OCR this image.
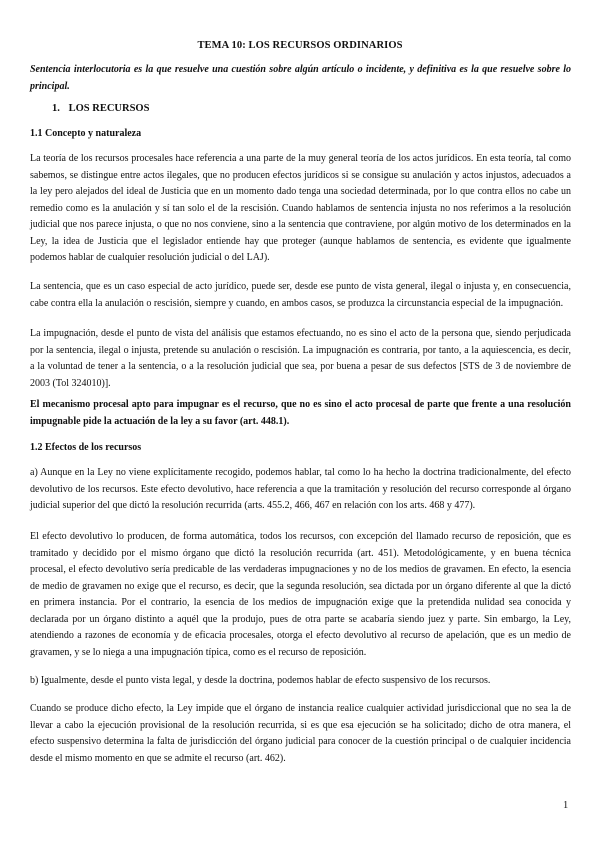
TEMA 10: LOS RECURSOS ORDINARIOS
Sentencia interlocutoria es la que resuelve una cuestión sobre algún artículo o incidente, y definitiva es la que resuelve sobre lo principal.
1. LOS RECURSOS
1.1 Concepto y naturaleza

La teoría de los recursos procesales hace referencia a una parte de la muy general teoría de los actos jurídicos. En esta teoría, tal como sabemos, se distingue entre actos ilegales, que no producen efectos jurídicos si se consigue su anulación y actos injustos, adecuados a la ley pero alejados del ideal de Justicia que en un momento dado tenga una sociedad determinada, por lo que contra ellos no cabe un remedio como es la anulación y sí tan solo el de la rescisión. Cuando hablamos de sentencia injusta no nos referimos a la resolución judicial que nos parece injusta, o que no nos conviene, sino a la sentencia que contraviene, por algún motivo de los determinados en la Ley, la idea de Justicia que el legislador entiende hay que proteger (aunque hablamos de sentencia, es evidente que igualmente podemos hablar de cualquier resolución judicial o del LAJ).

La sentencia, que es un caso especial de acto jurídico, puede ser, desde ese punto de vista general, ilegal o injusta y, en consecuencia, cabe contra ella la anulación o rescisión, siempre y cuando, en ambos casos, se produzca la circunstancia especial de la impugnación.

La impugnación, desde el punto de vista del análisis que estamos efectuando, no es sino el acto de la persona que, siendo perjudicada por la sentencia, ilegal o injusta, pretende su anulación o rescisión. La impugnación es contraria, por tanto, a la aquiescencia, es decir, a la voluntad de tener a la sentencia, o a la resolución judicial que sea, por buena a pesar de sus defectos [STS de 3 de noviembre de 2003 (Tol 324010)].

El mecanismo procesal apto para impugnar es el recurso, que no es sino el acto procesal de parte que frente a una resolución impugnable pide la actuación de la ley a su favor (art. 448.1).

1.2 Efectos de los recursos

a) Aunque en la Ley no viene explícitamente recogido, podemos hablar, tal como lo ha hecho la doctrina tradicionalmente, del efecto devolutivo de los recursos. Este efecto devolutivo, hace referencia a que la tramitación y resolución del recurso corresponde al órgano judicial superior del que dictó la resolución recurrida (arts. 455.2, 466, 467 en relación con los arts. 468 y 477).

El efecto devolutivo lo producen, de forma automática, todos los recursos, con excepción del llamado recurso de reposición, que es tramitado y decidido por el mismo órgano que dictó la resolución recurrida (art. 451). Metodológicamente, y en buena técnica procesal, el efecto devolutivo sería predicable de las verdaderas impugnaciones y no de los medios de gravamen. En efecto, la esencia de medio de gravamen no exige que el recurso, es decir, que la segunda resolución, sea dictada por un órgano diferente al que la dictó en primera instancia. Por el contrario, la esencia de los medios de impugnación exige que la pretendida nulidad sea conocida y declarada por un órgano distinto a aquél que la produjo, pues de otra parte se acabaría siendo juez y parte. Sin embargo, la Ley, atendiendo a razones de economía y de eficacia procesales, otorga el efecto devolutivo al recurso de apelación, que es un medio de gravamen, y se lo niega a una impugnación típica, como es el recurso de reposición.

b) Igualmente, desde el punto vista legal, y desde la doctrina, podemos hablar de efecto suspensivo de los recursos.

Cuando se produce dicho efecto, la Ley impide que el órgano de instancia realice cualquier actividad jurisdiccional que no sea la de llevar a cabo la ejecución provisional de la resolución recurrida, si es que esa ejecución se ha solicitado; dicho de otra manera, el efecto suspensivo determina la falta de jurisdicción del órgano judicial para conocer de la cuestión principal o de cualquier incidencia desde el mismo momento en que se admite el recurso (art. 462).

1
